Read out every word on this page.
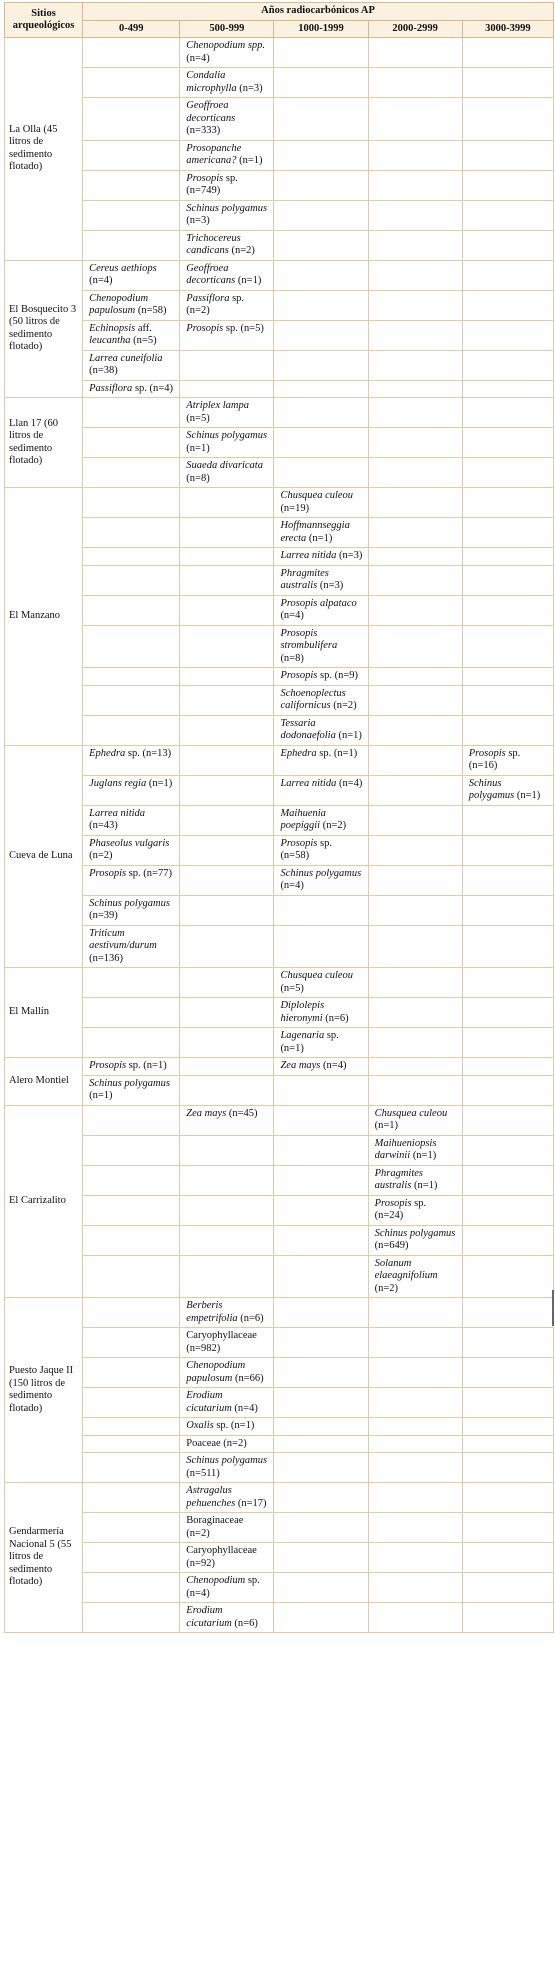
Sitios arqueológicos	Años radiocarbónicos AP				
	0-499	500-999	1000-1999	2000-2999	3000-3999
La Olla (45 litros de sedimento flotado)		Chenopodium spp. (n=4)			
		Condalia microphylla (n=3)			
		Geoffroea decorticans (n=333)			
		Prosopanche americana? (n=1)			
		Prosopis sp. (n=749)			
		Schinus polygamus (n=3)			
		Trichocereus candicans (n=2)			
El Bosquecito 3 (50 litros de sedimento flotado)	Cereus aethiops (n=4)	Geoffroea decorticans (n=1)			
	Chenopodium papulosum (n=58)	Passiflora sp. (n=2)			
	Echinopsis aff. leucantha (n=5)	Prosopis sp. (n=5)			
	Larrea cuneifolia (n=38)				
	Passiflora sp. (n=4)				
Llan 17 (60 litros de sedimento flotado)		Atriplex lampa (n=5)			
		Schinus polygamus (n=1)			
		Suaeda divaricata (n=8)			
El Manzano			Chusquea culeou (n=19)		
			Hoffmannseggia erecta (n=1)		
			Larrea nitida (n=3)		
			Phragmites australis (n=3)		
			Prosopis alpataco (n=4)		
			Prosopis strombulifera (n=8)		
			Prosopis sp. (n=9)		
			Schoenoplectus californicus (n=2)		
			Tessaria dodonaefolia (n=1)		
Cueva de Luna	Ephedra sp. (n=13)		Ephedra sp. (n=1)		Prosopis sp. (n=16)
	Juglans regia (n=1)		Larrea nitida (n=4)		Schinus polygamus (n=1)
	Larrea nitida (n=43)		Maihuenia poepiggii (n=2)		
	Phaseolus vulgaris (n=2)		Prosopis sp. (n=58)		
	Prosopis sp. (n=77)		Schinus polygamus (n=4)		
	Schinus polygamus (n=39)				
	Triticum aestivum/durum (n=136)				
El Mallín			Chusquea culeou (n=5)		
			Diplolepis hieronymi (n=6)		
			Lagenaria sp. (n=1)		
Alero Montiel	Prosopis sp. (n=1)		Zea mays (n=4)		
	Schinus polygamus (n=1)				
El Carrizalito		Zea mays (n=45)		Chusquea culeou (n=1)	
				Maihueniopsis darwinii (n=1)	
				Phragmites australis (n=1)	
				Prosopis sp. (n=24)	
				Schinus polygamus (n=649)	
				Solanum elaeagnifolium (n=2)	
Puesto Jaque II (150 litros de sedimento flotado)		Berberis empetrifolia (n=6)			
		Caryophyllaceae (n=982)			
		Chenopodium papulosum (n=66)			
		Erodium cicutarium (n=4)			
		Oxalis sp. (n=1)			
		Poaceae (n=2)			
		Schinus polygamus (n=511)			
Gendarmería Nacional 5 (55 litros de sedimento flotado)		Astragalus pehuenches (n=17)			
		Boraginaceae (n=2)			
		Caryophyllaceae (n=92)			
		Chenopodium sp. (n=4)			
		Erodium cicutarium (n=6)			
